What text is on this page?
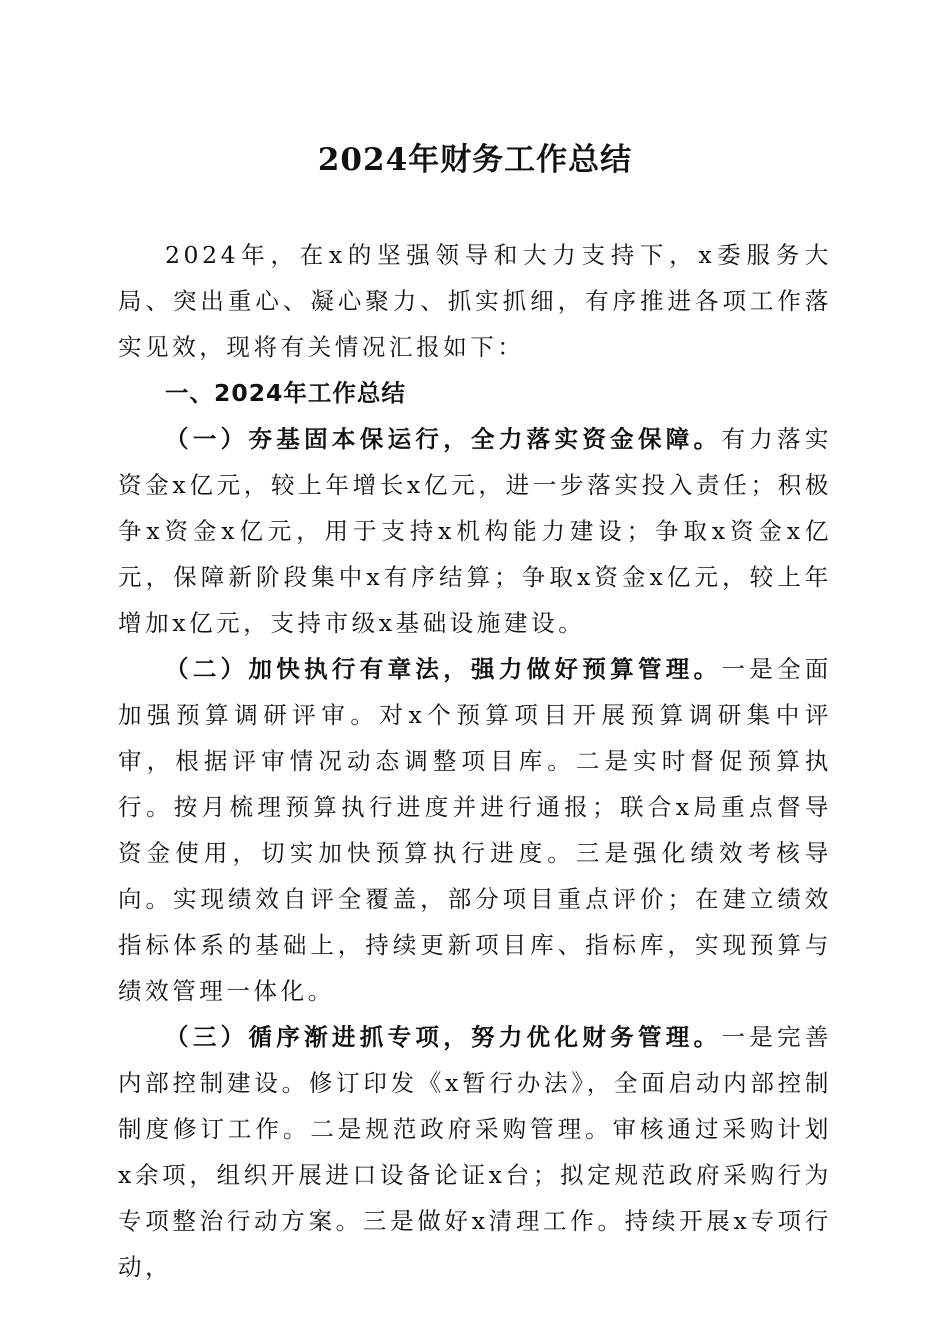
2024年财务工作总结

2024年，在x的坚强领导和大力支持下，x委服务大局、突出重心、凝心聚力、抓实抓细，有序推进各项工作落实见效，现将有关情况汇报如下：

一、2024年工作总结

（一）夯基固本保运行，全力落实资金保障。有力落实资金x亿元，较上年增长x亿元，进一步落实投入责任；积极争x资金x亿元，用于支持x机构能力建设；争取x资金x亿元，保障新阶段集中x有序结算；争取x资金x亿元，较上年增加x亿元，支持市级x基础设施建设。

（二）加快执行有章法，强力做好预算管理。一是全面加强预算调研评审。对x个预算项目开展预算调研集中评审，根据评审情况动态调整项目库。二是实时督促预算执行。按月梳理预算执行进度并进行通报；联合x局重点督导资金使用，切实加快预算执行进度。三是强化绩效考核导向。实现绩效自评全覆盖，部分项目重点评价；在建立绩效指标体系的基础上，持续更新项目库、指标库，实现预算与绩效管理一体化。

（三）循序渐进抓专项，努力优化财务管理。一是完善内部控制建设。修订印发《x暂行办法》，全面启动内部控制制度修订工作。二是规范政府采购管理。审核通过采购计划x余项，组织开展进口设备论证x台；拟定规范政府采购行为专项整治行动方案。三是做好x清理工作。持续开展x专项行动，
